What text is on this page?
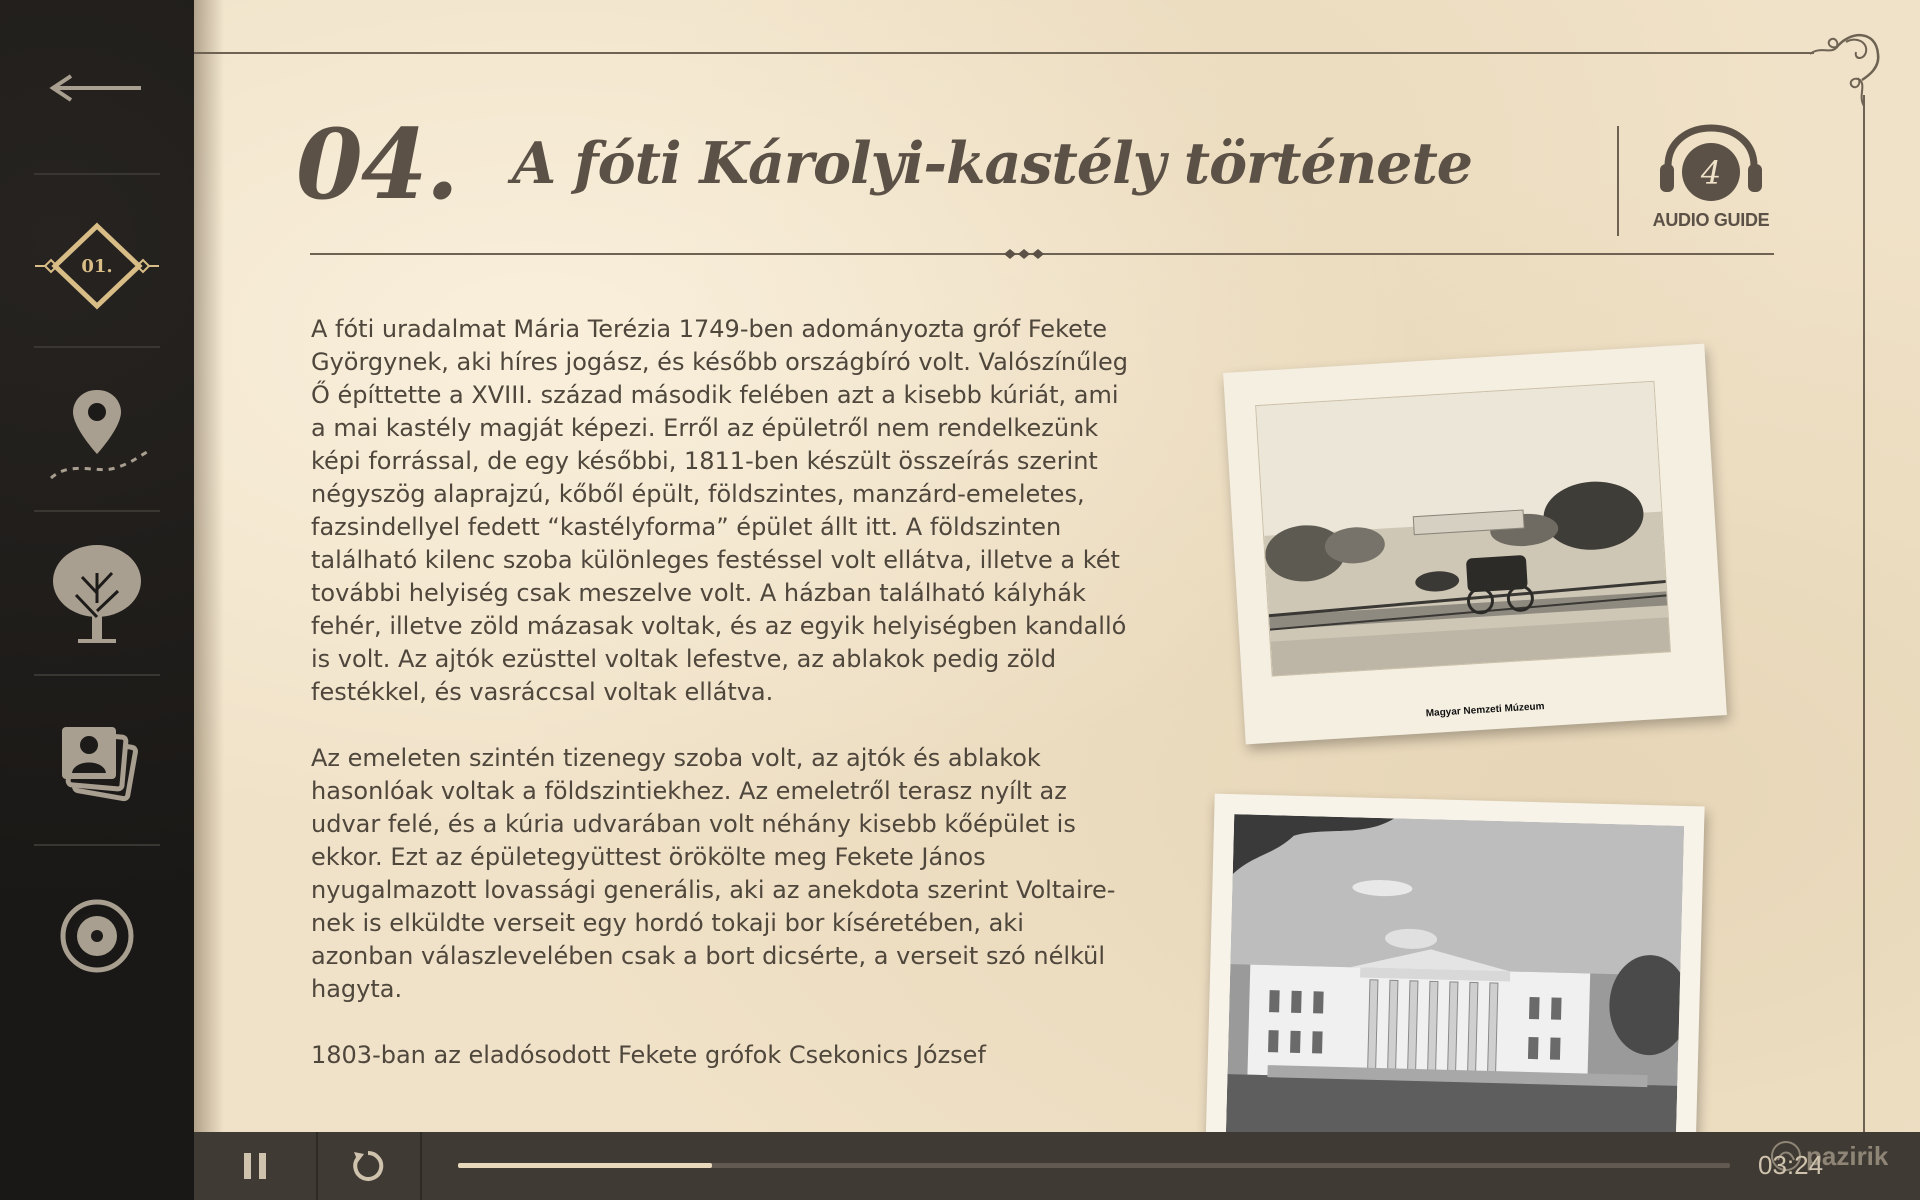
01.
04. A fóti Károlyi-kastély története	4
AUDIO GUIDE

A fóti uradalmat Mária Terézia 1749-ben adományozta gróf Fekete Györgynek, aki híres jogász, és később országbíró volt. Valószínűleg Ő építtette a XVIII. század második felében azt a kisebb kúriát, ami a mai kastély magját képezi. Erről az épületről nem rendelkezünk képi forrással, de egy későbbi, 1811-ben készült összeírás szerint négyszög alaprajzú, kőből épült, földszintes, manzárd-emeletes, fazsindellyel fedett “kastélyforma” épület állt itt. A földszinten található kilenc szoba különleges festéssel volt ellátva, illetve a két további helyiség csak meszelve volt. A házban található kályhák fehér, illetve zöld mázasak voltak, és az egyik helyiségben kandalló is volt. Az ajtók ezüsttel voltak lefestve, az ablakok pedig zöld festékkel, és vasráccsal voltak ellátva.

Az emeleten szintén tizenegy szoba volt, az ajtók és ablakok hasonlóak voltak a földszintiekhez. Az emeletről terasz nyílt az udvar felé, és a kúria udvarában volt néhány kisebb kőépület is ekkor. Ezt az épületegyüttest örökölte meg Fekete János nyugalmazott lovassági generális, aki az anekdota szerint Voltaire-nek is elküldte verseit egy hordó tokaji bor kíséretében, aki azonban válaszlevelében csak a bort dicsérte, a verseit szó nélkül hagyta.

1803-ban az eladósodott Fekete grófok Csekonics József

Magyar Nemzeti Múzeum
03:24
pazirik
